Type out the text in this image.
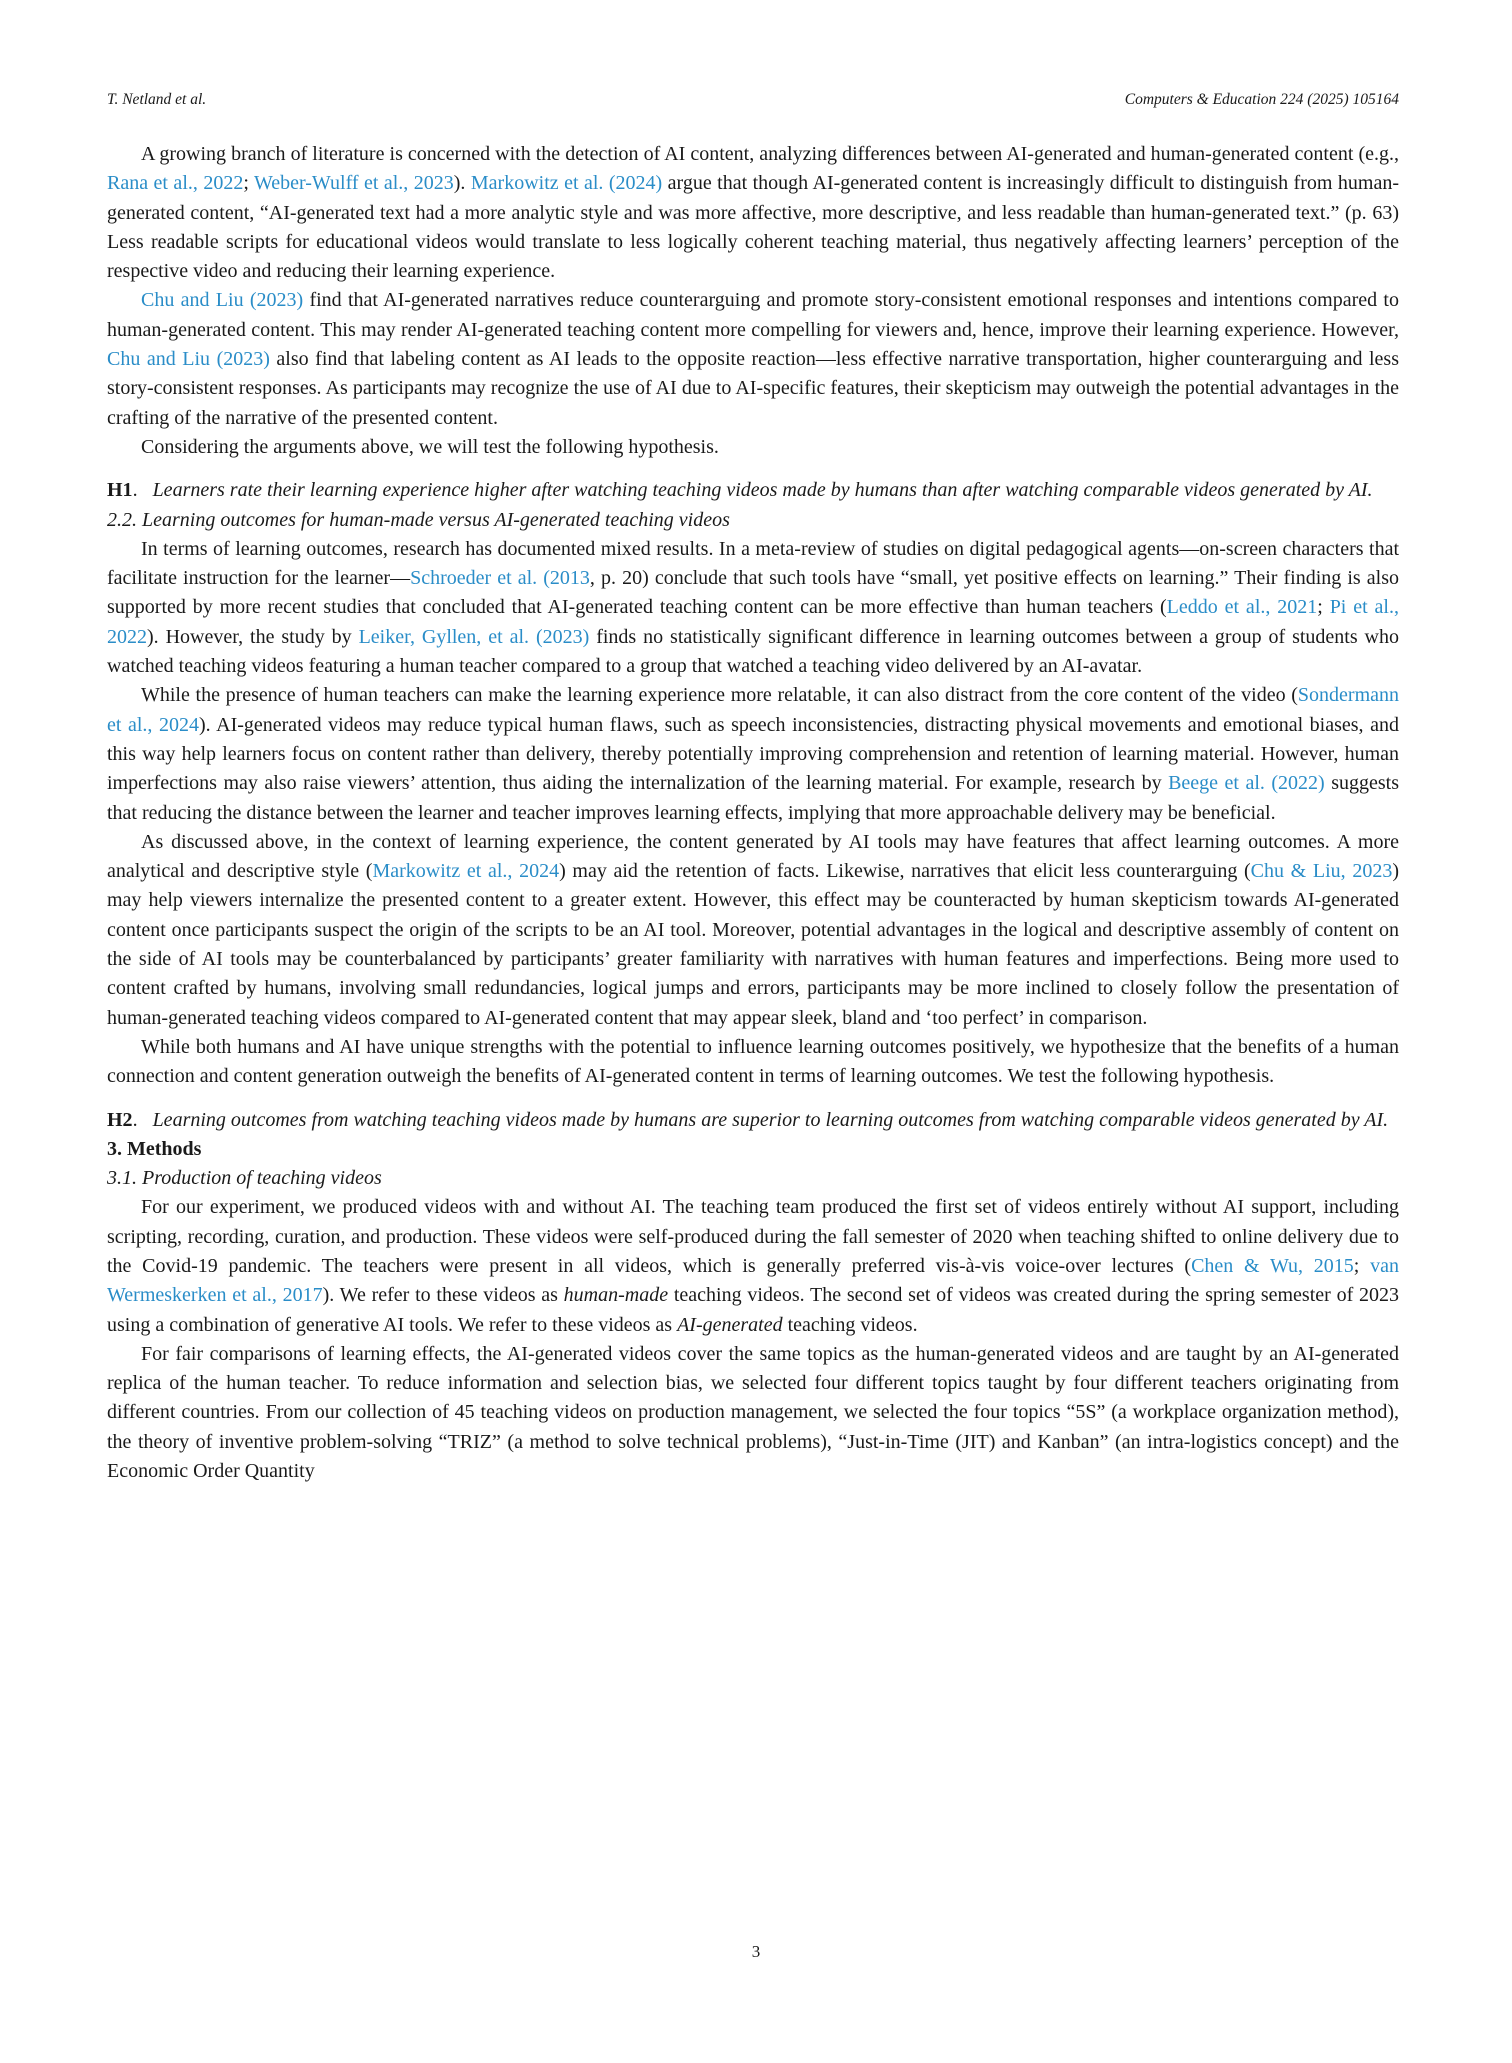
T. Netland et al.	Computers & Education 224 (2025) 105164

A growing branch of literature is concerned with the detection of AI content, analyzing differences between AI-generated and human-generated content (e.g., Rana et al., 2022; Weber-Wulff et al., 2023). Markowitz et al. (2024) argue that though AI-generated content is increasingly difficult to distinguish from human-generated content, “AI-generated text had a more analytic style and was more affective, more descriptive, and less readable than human-generated text.” (p. 63) Less readable scripts for educational videos would translate to less logically coherent teaching material, thus negatively affecting learners’ perception of the respective video and reducing their learning experience.

Chu and Liu (2023) find that AI-generated narratives reduce counterarguing and promote story-consistent emotional responses and intentions compared to human-generated content. This may render AI-generated teaching content more compelling for viewers and, hence, improve their learning experience. However, Chu and Liu (2023) also find that labeling content as AI leads to the opposite reaction—less effective narrative transportation, higher counterarguing and less story-consistent responses. As participants may recognize the use of AI due to AI-specific features, their skepticism may outweigh the potential advantages in the crafting of the narrative of the presented content.

Considering the arguments above, we will test the following hypothesis.

H1.   Learners rate their learning experience higher after watching teaching videos made by humans than after watching comparable videos generated by AI.

2.2. Learning outcomes for human-made versus AI-generated teaching videos

In terms of learning outcomes, research has documented mixed results. In a meta-review of studies on digital pedagogical agents—on-screen characters that facilitate instruction for the learner—Schroeder et al. (2013, p. 20) conclude that such tools have “small, yet positive effects on learning.” Their finding is also supported by more recent studies that concluded that AI-generated teaching content can be more effective than human teachers (Leddo et al., 2021; Pi et al., 2022). However, the study by Leiker, Gyllen, et al. (2023) finds no statistically significant difference in learning outcomes between a group of students who watched teaching videos featuring a human teacher compared to a group that watched a teaching video delivered by an AI-avatar.

While the presence of human teachers can make the learning experience more relatable, it can also distract from the core content of the video (Sondermann et al., 2024). AI-generated videos may reduce typical human flaws, such as speech inconsistencies, distracting physical movements and emotional biases, and this way help learners focus on content rather than delivery, thereby potentially improving comprehension and retention of learning material. However, human imperfections may also raise viewers’ attention, thus aiding the internalization of the learning material. For example, research by Beege et al. (2022) suggests that reducing the distance between the learner and teacher improves learning effects, implying that more approachable delivery may be beneficial.

As discussed above, in the context of learning experience, the content generated by AI tools may have features that affect learning outcomes. A more analytical and descriptive style (Markowitz et al., 2024) may aid the retention of facts. Likewise, narratives that elicit less counterarguing (Chu & Liu, 2023) may help viewers internalize the presented content to a greater extent. However, this effect may be counteracted by human skepticism towards AI-generated content once participants suspect the origin of the scripts to be an AI tool. Moreover, potential advantages in the logical and descriptive assembly of content on the side of AI tools may be counterbalanced by participants’ greater familiarity with narratives with human features and imperfections. Being more used to content crafted by humans, involving small redundancies, logical jumps and errors, participants may be more inclined to closely follow the presentation of human-generated teaching videos compared to AI-generated content that may appear sleek, bland and ‘too perfect’ in comparison.

While both humans and AI have unique strengths with the potential to influence learning outcomes positively, we hypothesize that the benefits of a human connection and content generation outweigh the benefits of AI-generated content in terms of learning outcomes. We test the following hypothesis.

H2.   Learning outcomes from watching teaching videos made by humans are superior to learning outcomes from watching comparable videos generated by AI.

3. Methods

3.1. Production of teaching videos

For our experiment, we produced videos with and without AI. The teaching team produced the first set of videos entirely without AI support, including scripting, recording, curation, and production. These videos were self-produced during the fall semester of 2020 when teaching shifted to online delivery due to the Covid-19 pandemic. The teachers were present in all videos, which is generally preferred vis-à-vis voice-over lectures (Chen & Wu, 2015; van Wermeskerken et al., 2017). We refer to these videos as human-made teaching videos. The second set of videos was created during the spring semester of 2023 using a combination of generative AI tools. We refer to these videos as AI-generated teaching videos.

For fair comparisons of learning effects, the AI-generated videos cover the same topics as the human-generated videos and are taught by an AI-generated replica of the human teacher. To reduce information and selection bias, we selected four different topics taught by four different teachers originating from different countries. From our collection of 45 teaching videos on production management, we selected the four topics “5S” (a workplace organization method), the theory of inventive problem-solving “TRIZ” (a method to solve technical problems), “Just-in-Time (JIT) and Kanban” (an intra-logistics concept) and the Economic Order Quantity

3
